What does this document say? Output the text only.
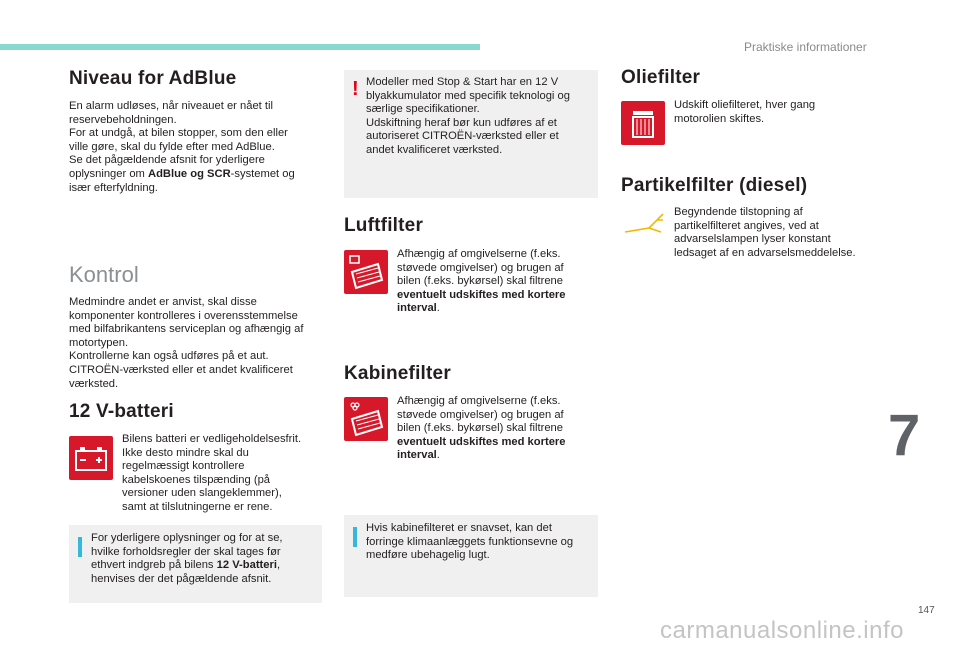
Praktiske informationer
Niveau for AdBlue
En alarm udløses, når niveauet er nået til
reservebeholdningen.
For at undgå, at bilen stopper, som den eller
ville gøre, skal du fylde efter med AdBlue.
Se det pågældende afsnit for yderligere
oplysninger om AdBlue og SCR-systemet og
især efterfyldning.
Kontrol
Medmindre andet er anvist, skal disse
komponenter kontrolleres i overensstemmelse
med bilfabrikantens serviceplan og afhængig af
motortypen.
Kontrollerne kan også udføres på et aut.
CITROËN-værksted eller et andet kvalificeret
værksted.
12 V-batteri
Bilens batteri er vedligeholdelsesfrit.
Ikke desto mindre skal du
regelmæssigt kontrollere
kabelskoenes tilspænding (på
versioner uden slangeklemmer),
samt at tilslutningerne er rene.
For yderligere oplysninger og for at se,
hvilke forholdsregler der skal tages før
ethvert indgreb på bilens 12 V-batteri,
henvises der det pågældende afsnit.
! Modeller med Stop & Start har en 12 V
blyakkumulator med specifik teknologi og
særlige specifikationer.
Udskiftning heraf bør kun udføres af et
autoriseret CITROËN-værksted eller et
andet kvalificeret værksted.
Luftfilter
Afhængig af omgivelserne (f.eks.
støvede omgivelser) og brugen af
bilen (f.eks. bykørsel) skal filtrene
eventuelt udskiftes med kortere
interval.
Kabinefilter
Afhængig af omgivelserne (f.eks.
støvede omgivelser) og brugen af
bilen (f.eks. bykørsel) skal filtrene
eventuelt udskiftes med kortere
interval.
Hvis kabinefilteret er snavset, kan det
forringe klimaanlæggets funktionsevne og
medføre ubehagelig lugt.
Oliefilter
Udskift oliefilteret, hver gang
motorolien skiftes.
Partikelfilter (diesel)
Begyndende tilstopning af
partikelfilteret angives, ved at
advarselslampen lyser konstant
ledsaget af en advarselsmeddelelse.
7
147
carmanualsonline.info
